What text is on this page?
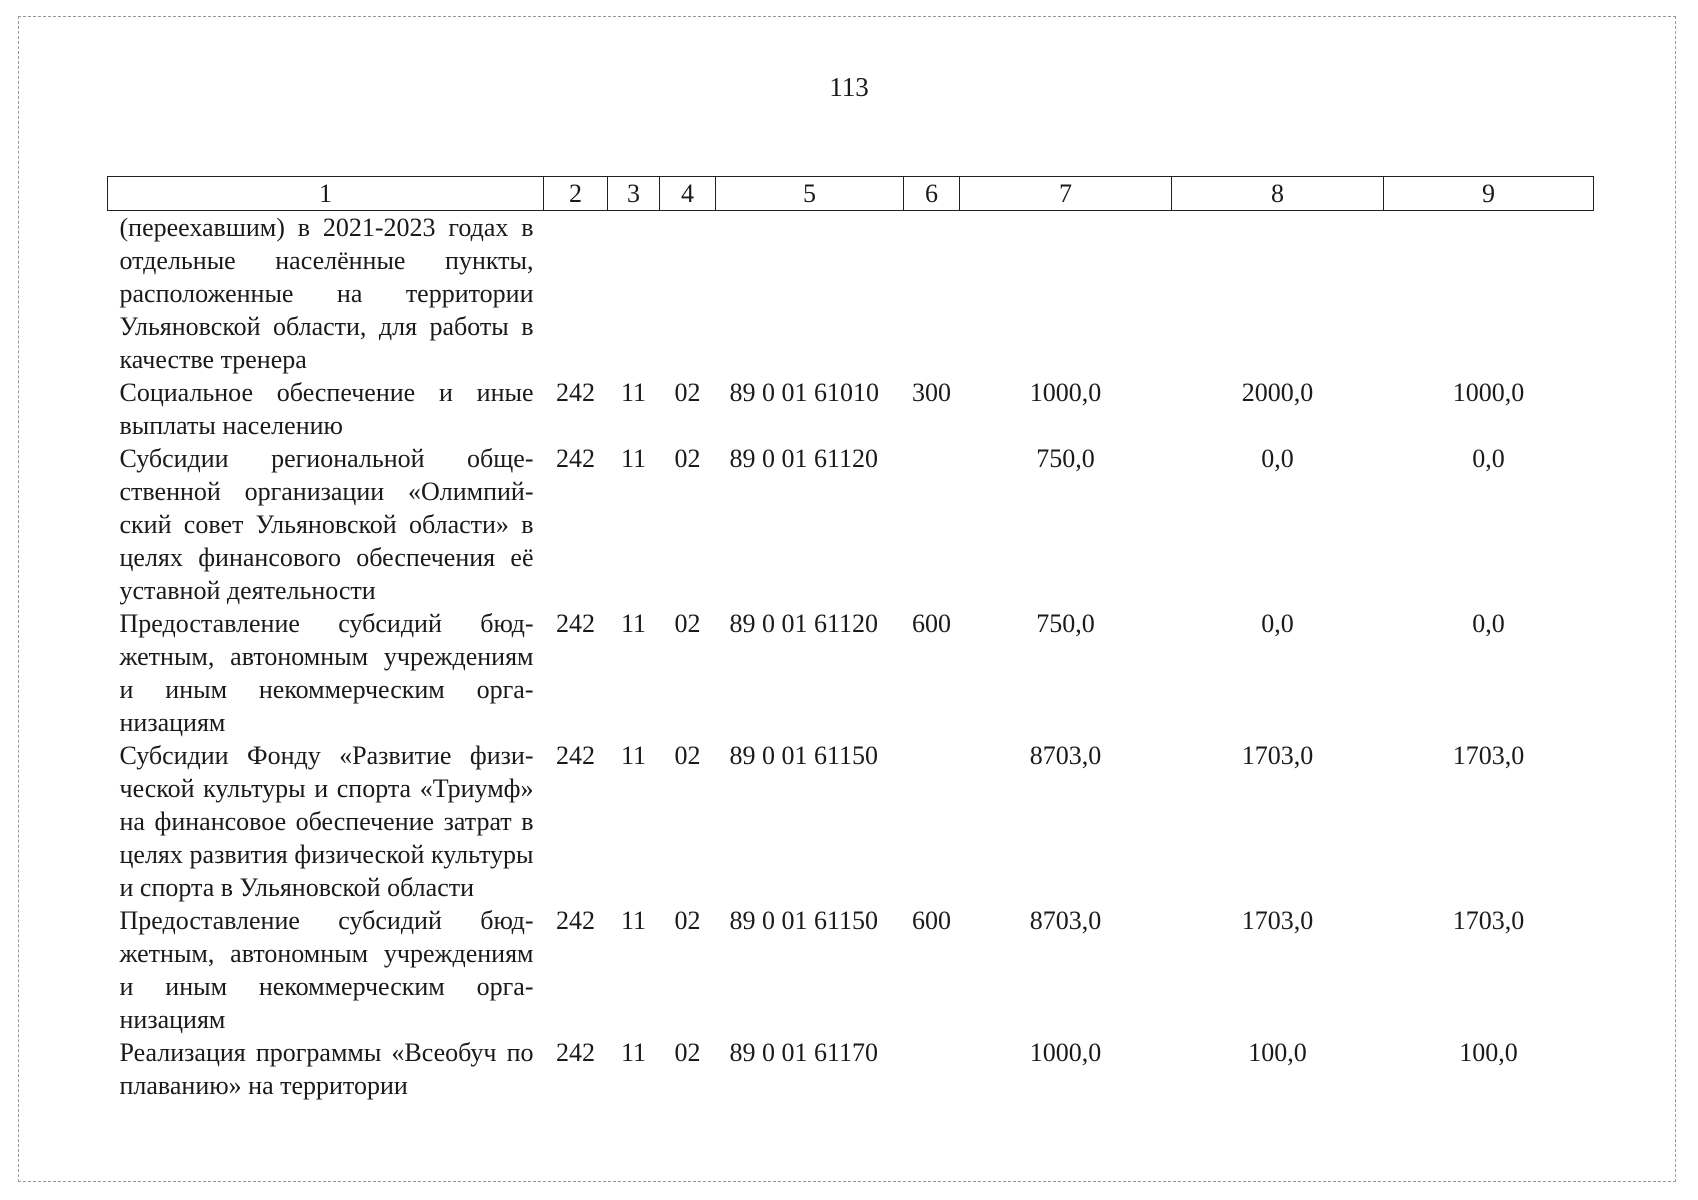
113
1	2	3	4	5	6	7	8	9
(переехавшим) в 2021-2023 годах в отдельные населённые пункты, расположенные на территории Ульяновской области, для работы в качестве тренера								
Социальное обеспечение и иные выплаты населению	242	11	02	89 0 01 61010	300	1000,0	2000,0	1000,0
Субсидии региональной общественной организации «Олимпийский совет Ульяновской области» в целях финансового обеспечения её уставной деятельности	242	11	02	89 0 01 61120		750,0	0,0	0,0
Предоставление субсидий бюджетным, автономным учреждениям и иным некоммерческим организациям	242	11	02	89 0 01 61120	600	750,0	0,0	0,0
Субсидии Фонду «Развитие физической культуры и спорта «Триумф» на финансовое обеспечение затрат в целях развития физической культуры и спорта в Ульяновской области	242	11	02	89 0 01 61150		8703,0	1703,0	1703,0
Предоставление субсидий бюджетным, автономным учреждениям и иным некоммерческим организациям	242	11	02	89 0 01 61150	600	8703,0	1703,0	1703,0
Реализация программы «Всеобуч по плаванию» на территории	242	11	02	89 0 01 61170		1000,0	100,0	100,0
